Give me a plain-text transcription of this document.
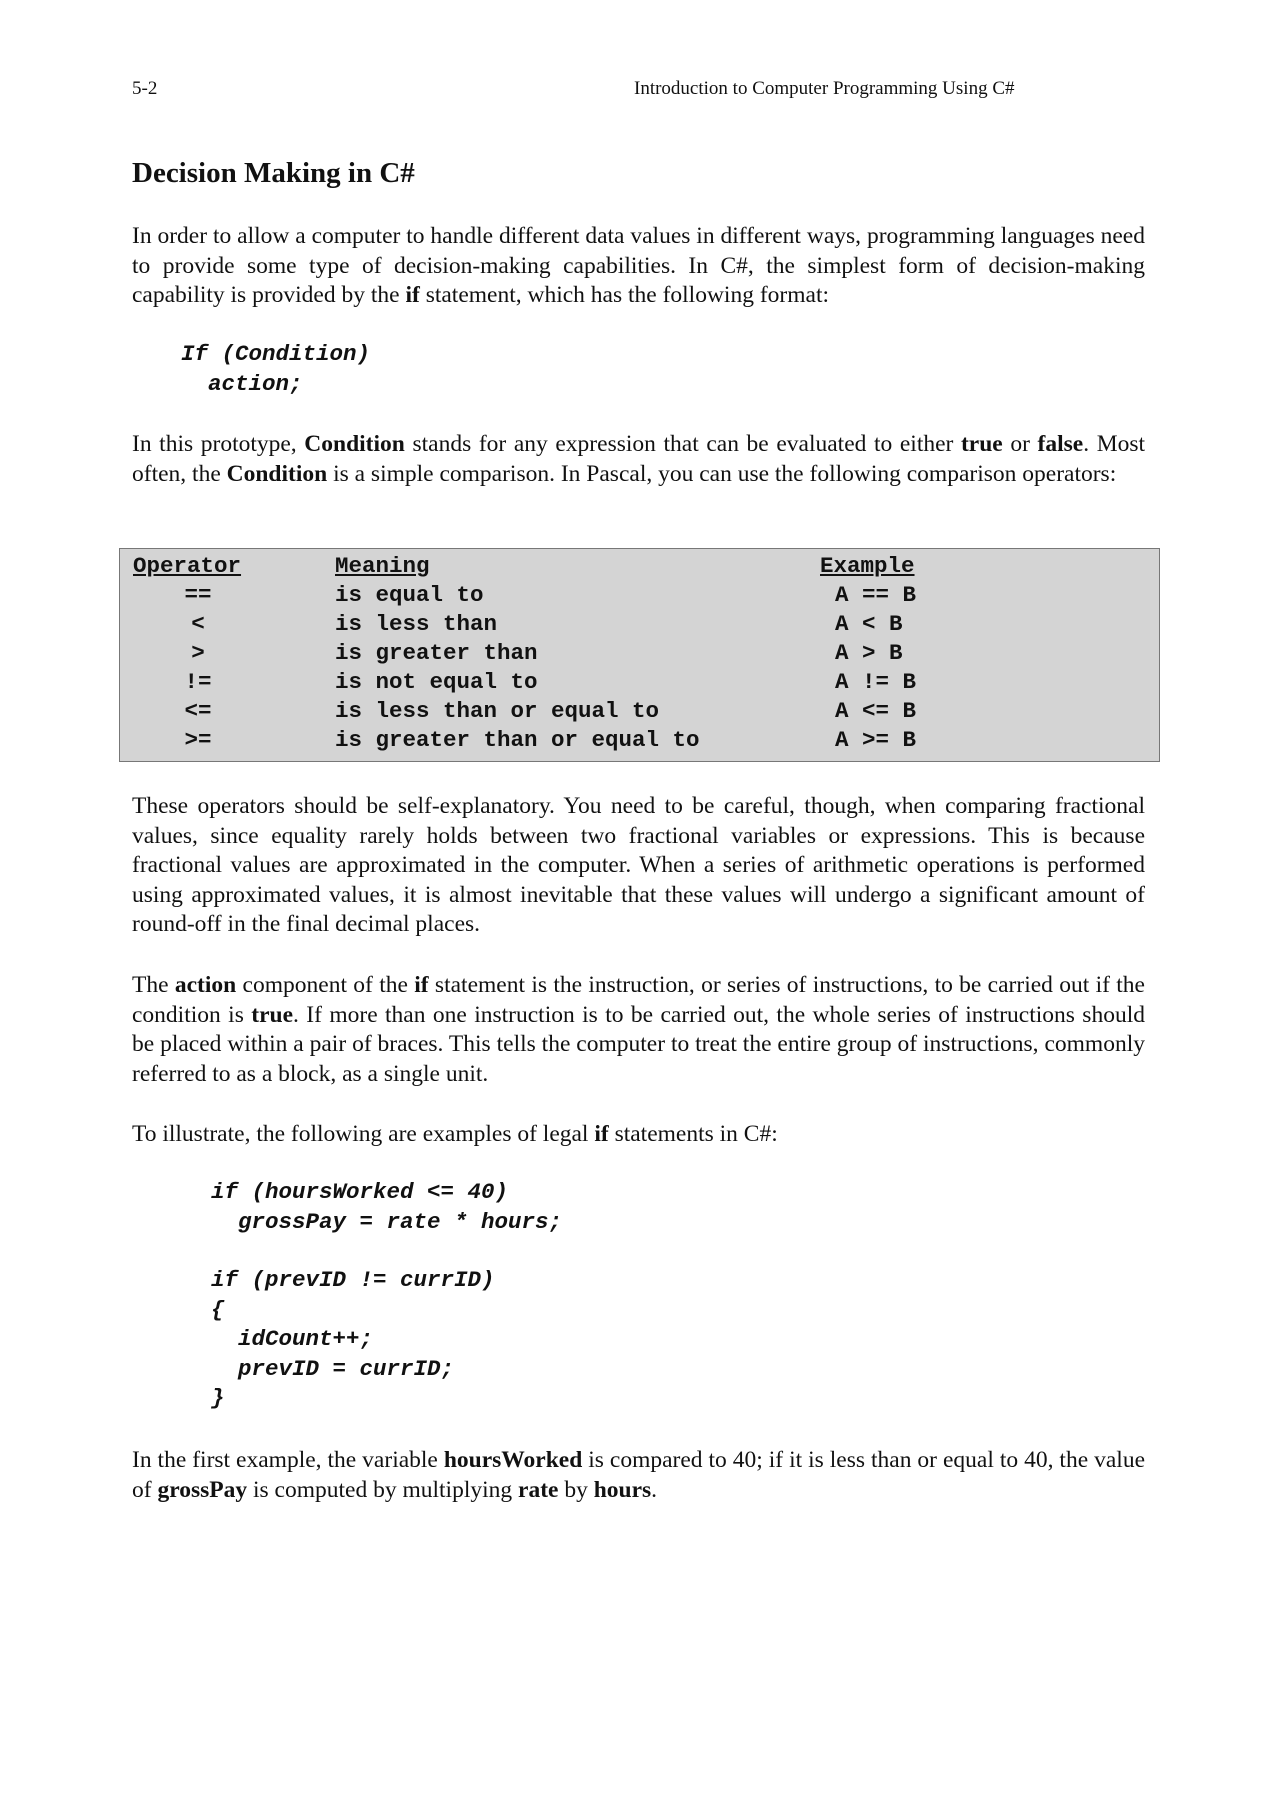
5-2	Introduction to Computer Programming Using C#
Decision Making in C#

In order to allow a computer to handle different data values in different ways, programming languages need to provide some type of decision-making capabilities. In C#, the simplest form of decision-making capability is provided by the if statement, which has the following format:

If (Condition)
action;

In this prototype, Condition stands for any expression that can be evaluated to either true or false. Most often, the Condition is a simple comparison. In Pascal, you can use the following comparison operators:

Operator	Meaning	Example
==	is equal to	A == B
<	is less than	A < B
>	is greater than	A > B
!=	is not equal to	A != B
<=	is less than or equal to	A <= B
>=	is greater than or equal to	A >= B

These operators should be self-explanatory. You need to be careful, though, when comparing fractional values, since equality rarely holds between two fractional variables or expressions. This is because fractional values are approximated in the computer. When a series of arithmetic operations is performed using approximated values, it is almost inevitable that these values will undergo a significant amount of round-off in the final decimal places.

The action component of the if statement is the instruction, or series of instructions, to be carried out if the condition is true. If more than one instruction is to be carried out, the whole series of instructions should be placed within a pair of braces. This tells the computer to treat the entire group of instructions, commonly referred to as a block, as a single unit.

To illustrate, the following are examples of legal if statements in C#:

if (hoursWorked <= 40)
grossPay = rate * hours;
if (prevID != currID)
{
idCount++;
prevID = currID;
}

In the first example, the variable hoursWorked is compared to 40; if it is less than or equal to 40, the value of grossPay is computed by multiplying rate by hours.
